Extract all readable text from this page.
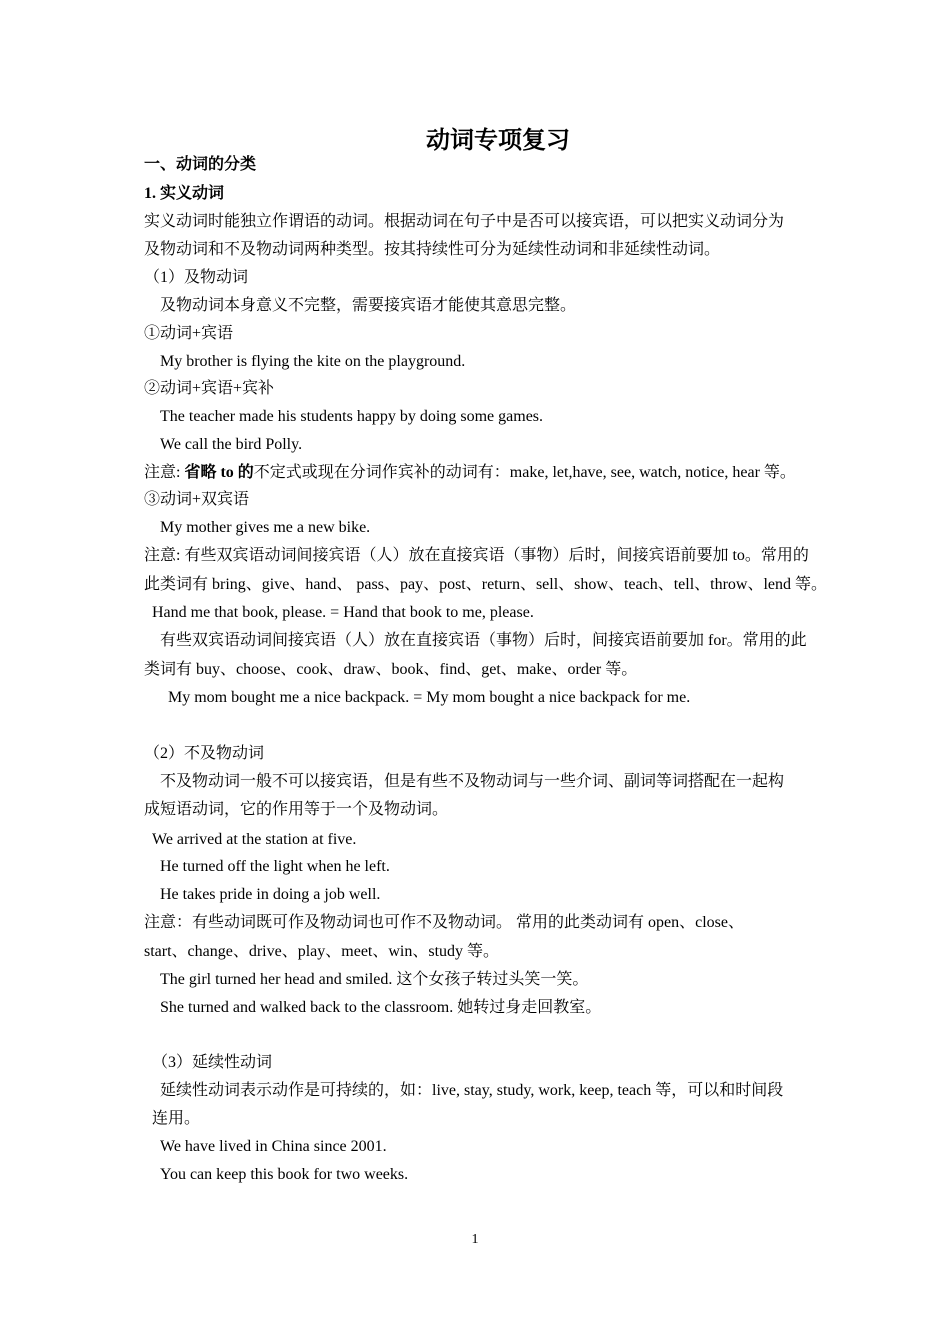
动词专项复习
一、动词的分类
1. 实义动词
实义动词时能独立作谓语的动词。根据动词在句子中是否可以接宾语，可以把实义动词分为
及物动词和不及物动词两种类型。按其持续性可分为延续性动词和非延续性动词。
（1）及物动词
及物动词本身意义不完整，需要接宾语才能使其意思完整。
①动词+宾语
My brother is flying the kite on the playground.
②动词+宾语+宾补
The teacher made his students happy by doing some games.
We call the bird Polly.
注意: 省略 to 的不定式或现在分词作宾补的动词有：make, let,have, see, watch, notice, hear 等。
③动词+双宾语
My mother gives me a new bike.
注意: 有些双宾语动词间接宾语（人）放在直接宾语（事物）后时，间接宾语前要加 to。常用的
此类词有 bring、give、hand、 pass、pay、post、return、sell、show、teach、tell、throw、lend 等。
Hand me that book, please. = Hand that book to me, please.
有些双宾语动词间接宾语（人）放在直接宾语（事物）后时，间接宾语前要加 for。常用的此
类词有 buy、choose、cook、draw、book、find、get、make、order 等。
My mom bought me a nice backpack. = My mom bought a nice backpack for me.
（2）不及物动词
不及物动词一般不可以接宾语，但是有些不及物动词与一些介词、副词等词搭配在一起构
成短语动词，它的作用等于一个及物动词。
We arrived at the station at five.
He turned off the light when he left.
He takes pride in doing a job well.
注意：有些动词既可作及物动词也可作不及物动词。 常用的此类动词有 open、close、
start、change、drive、play、meet、win、study 等。
The girl turned her head and smiled. 这个女孩子转过头笑一笑。
She turned and walked back to the classroom. 她转过身走回教室。
（3）延续性动词
延续性动词表示动作是可持续的，如：live, stay, study, work, keep, teach 等，可以和时间段
连用。
We have lived in China since 2001.
You can keep this book for two weeks.
1
